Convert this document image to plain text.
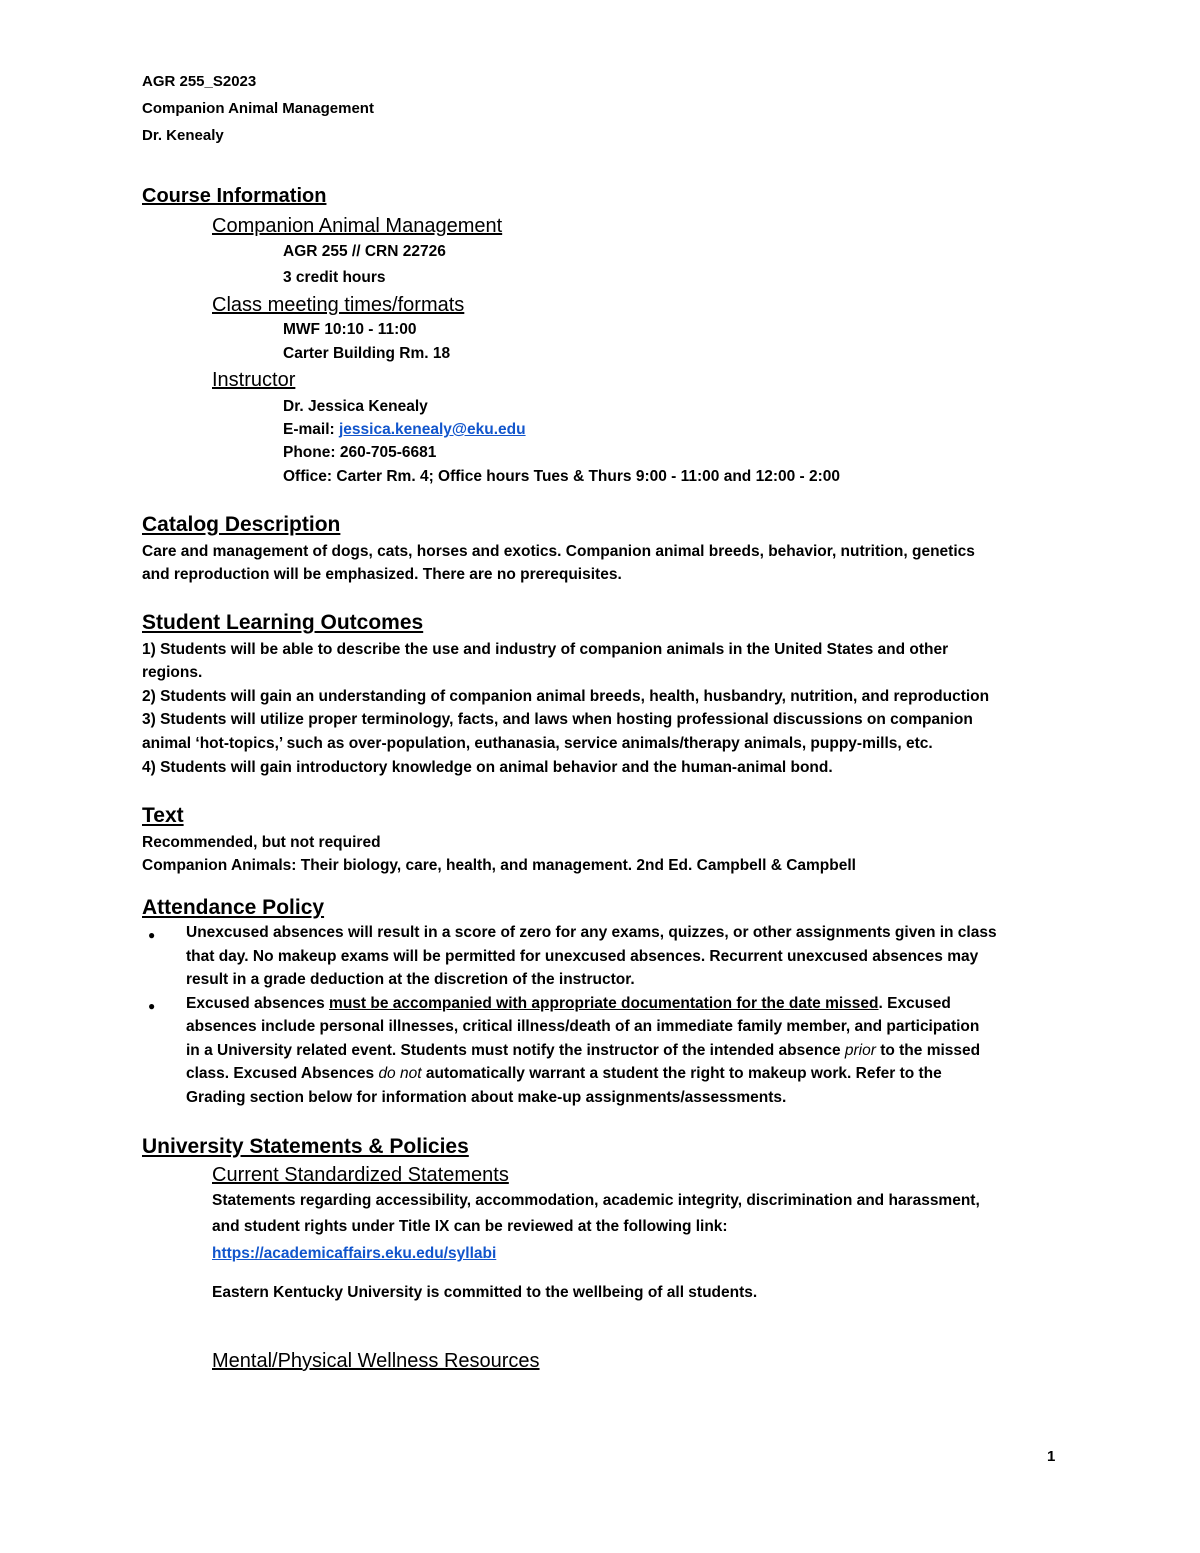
AGR 255_S2023
Companion Animal Management
Dr. Kenealy
Course Information
Companion Animal Management
AGR 255 // CRN 22726
3 credit hours
Class meeting times/formats
MWF 10:10 - 11:00
Carter Building Rm. 18
Instructor
Dr. Jessica Kenealy
E-mail: jessica.kenealy@eku.edu
Phone: 260-705-6681
Office: Carter Rm. 4; Office hours Tues & Thurs 9:00 - 11:00 and 12:00 - 2:00
Catalog Description
Care and management of dogs, cats, horses and exotics. Companion animal breeds, behavior, nutrition, genetics
and reproduction will be emphasized. There are no prerequisites.
Student Learning Outcomes
1) Students will be able to describe the use and industry of companion animals in the United States and other
regions.
2) Students will gain an understanding of companion animal breeds, health, husbandry, nutrition, and reproduction
3) Students will utilize proper terminology, facts, and laws when hosting professional discussions on companion
animal ‘hot-topics,’ such as over-population, euthanasia, service animals/therapy animals, puppy-mills, etc.
4) Students will gain introductory knowledge on animal behavior and the human-animal bond.
Text
Recommended, but not required
Companion Animals: Their biology, care, health, and management. 2nd Ed. Campbell & Campbell
Attendance Policy
● Unexcused absences will result in a score of zero for any exams, quizzes, or other assignments given in class
that day. No makeup exams will be permitted for unexcused absences. Recurrent unexcused absences may
result in a grade deduction at the discretion of the instructor.
● Excused absences must be accompanied with appropriate documentation for the date missed. Excused
absences include personal illnesses, critical illness/death of an immediate family member, and participation
in a University related event. Students must notify the instructor of the intended absence prior to the missed
class. Excused Absences do not automatically warrant a student the right to makeup work. Refer to the
Grading section below for information about make-up assignments/assessments.
University Statements & Policies
Current Standardized Statements
Statements regarding accessibility, accommodation, academic integrity, discrimination and harassment,
and student rights under Title IX can be reviewed at the following link:
https://academicaffairs.eku.edu/syllabi
Eastern Kentucky University is committed to the wellbeing of all students.
Mental/Physical Wellness Resources
1
